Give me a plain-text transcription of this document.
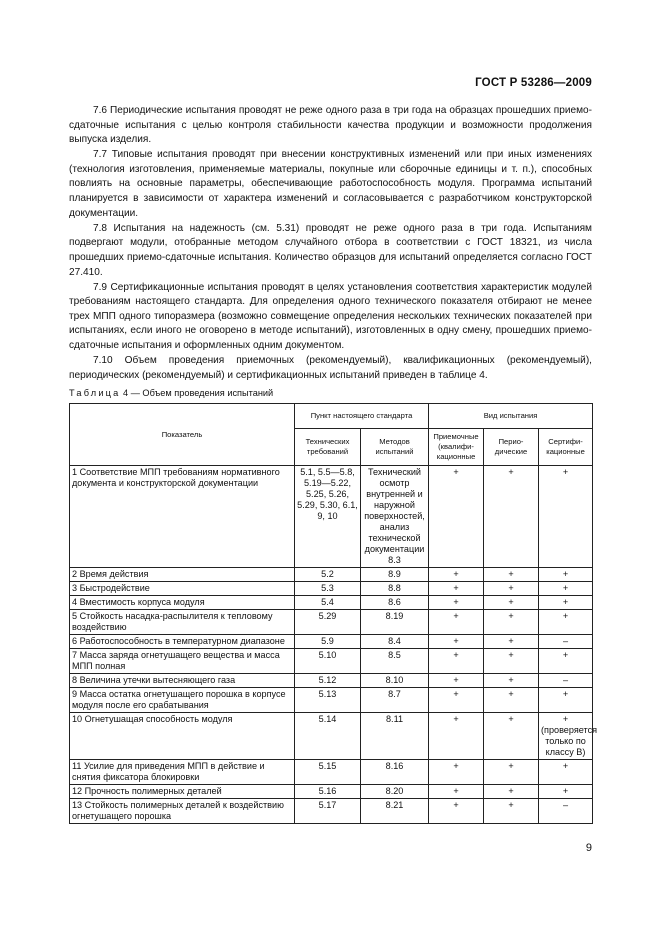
ГОСТ Р 53286—2009

7.6 Периодические испытания проводят не реже одного раза в три года на образцах прошедших приемо-сдаточные испытания с целью контроля стабильности качества продукции и возможности продолжения выпуска изделия.

7.7 Типовые испытания проводят при внесении конструктивных изменений или при иных изменениях (технология изготовления, применяемые материалы, покупные или сборочные единицы и т. п.), способных повлиять на основные параметры, обеспечивающие работоспособность модуля. Программа испытаний планируется в зависимости от характера изменений и согласовывается с разработчиком конструкторской документации.

7.8 Испытания на надежность (см. 5.31) проводят не реже одного раза в три года. Испытаниям подвергают модули, отобранные методом случайного отбора в соответствии с ГОСТ 18321, из числа прошедших приемо-сдаточные испытания. Количество образцов для испытаний определяется согласно ГОСТ 27.410.

7.9 Сертификационные испытания проводят в целях установления соответствия характеристик модулей требованиям настоящего стандарта. Для определения одного технического показателя отбирают не менее трех МПП одного типоразмера (возможно совмещение определения нескольких технических показателей при испытаниях, если иного не оговорено в методе испытаний), изготовленных в одну смену, прошедших приемо-сдаточные испытания и оформленных одним документом.

7.10 Объем проведения приемочных (рекомендуемый), квалификационных (рекомендуемый), периодических (рекомендуемый) и сертификационных испытаний приведен в таблице 4.

Таблица 4 — Объем проведения испытаний
Показатель	Пункт настоящего стандарта		Вид испытания		
	Технических требований	Методов испытаний	Приемочные (квалифи-кационные	Перио-дические	Сертифи-кационные
1 Соответствие МПП требованиям нормативного документа и конструкторской документации	5.1, 5.5—5.8, 5.19—5.22, 5.25, 5.26, 5.29, 5.30, 6.1, 9, 10	Технический осмотр внутренней и наружной поверхностей, анализ технической документации 8.3	+	+	+
2 Время действия	5.2	8.9	+	+	+
3 Быстродействие	5.3	8.8	+	+	+
4 Вместимость корпуса модуля	5.4	8.6	+	+	+
5 Стойкость насадка-распылителя к тепловому воздействию	5.29	8.19	+	+	+
6 Работоспособность в температурном диапазоне	5.9	8.4	+	+	–
7 Масса заряда огнетушащего вещества и масса МПП полная	5.10	8.5	+	+	+
8 Величина утечки вытесняющего газа	5.12	8.10	+	+	–
9 Масса остатка огнетушащего порошка в корпусе модуля после его срабатывания	5.13	8.7	+	+	+
10 Огнетушащая способность модуля	5.14	8.11	+	+	+ (проверяется только по классу В)
11 Усилие для приведения МПП в действие и снятия фиксатора блокировки	5.15	8.16	+	+	+
12 Прочность полимерных деталей	5.16	8.20	+	+	+
13 Стойкость полимерных деталей к воздействию огнетушащего порошка	5.17	8.21	+	+	–
9
